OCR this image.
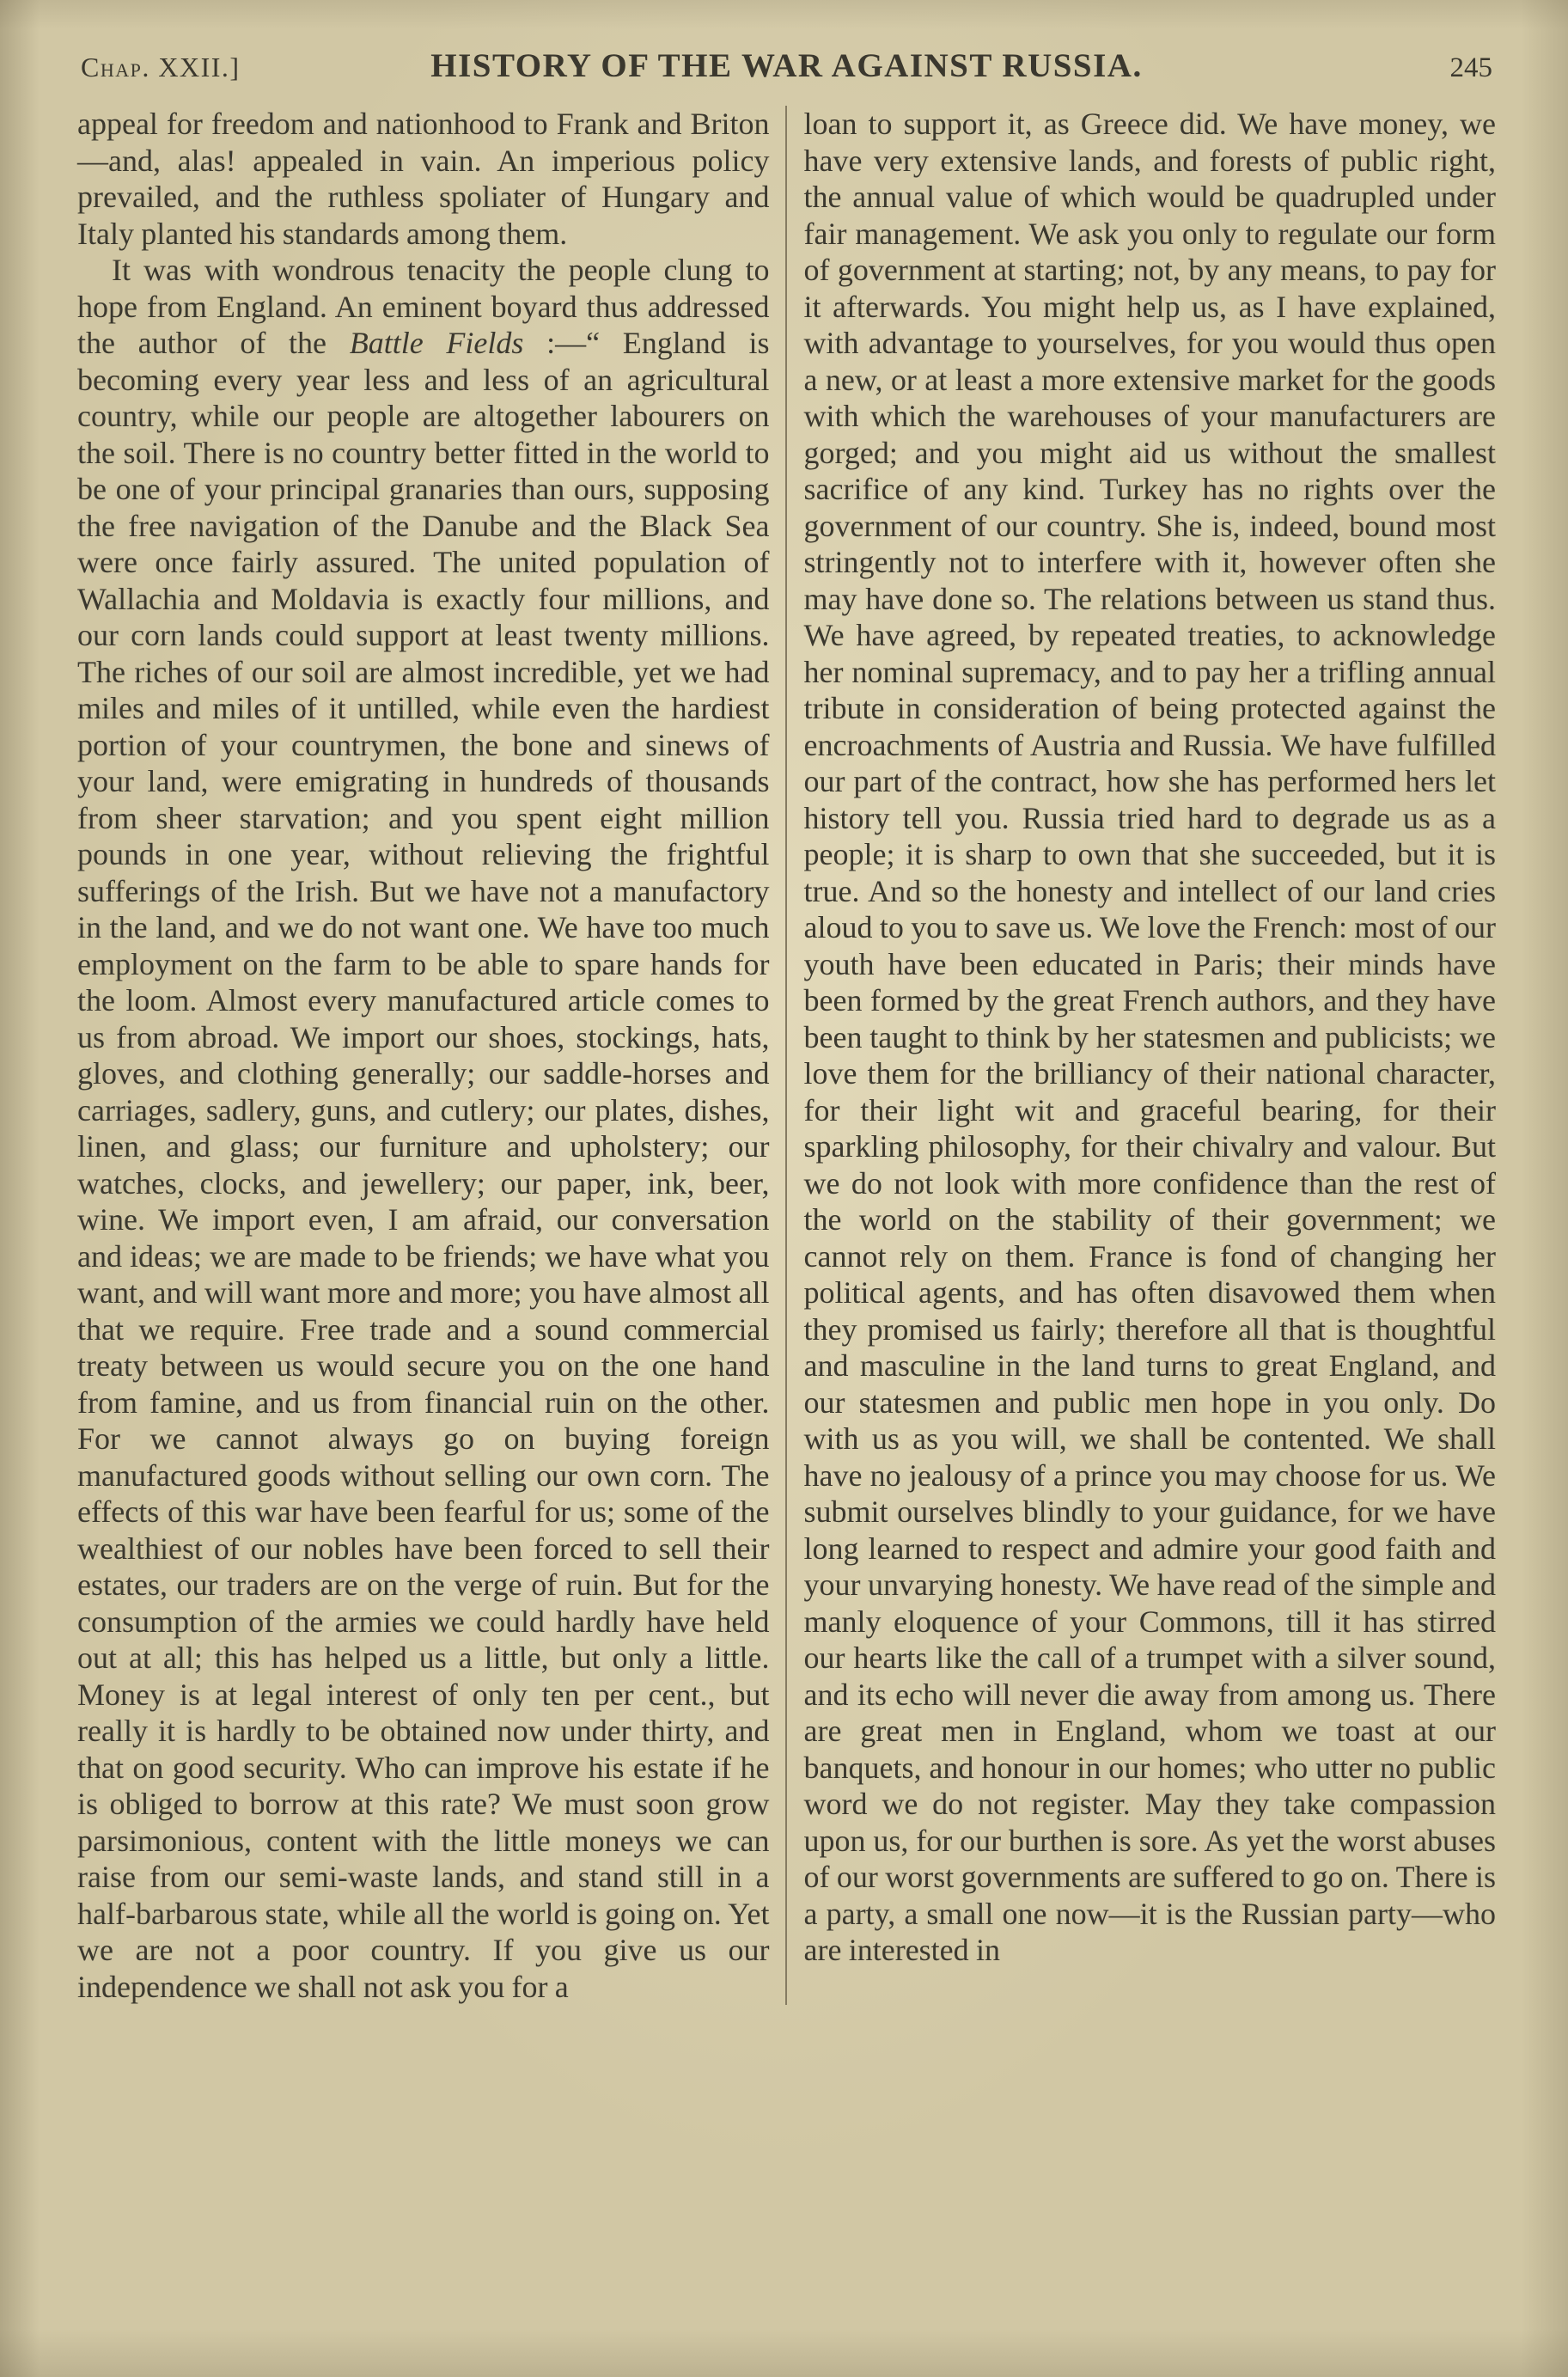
Chap. XXII.]	HISTORY OF THE WAR AGAINST RUSSIA.	245

appeal for freedom and nationhood to Frank and Briton—and, alas! appealed in vain. An imperious policy prevailed, and the ruthless spoliater of Hungary and Italy planted his standards among them.

It was with wondrous tenacity the people clung to hope from England. An eminent boyard thus addressed the author of the Battle Fields :—“ England is becoming every year less and less of an agricultural country, while our people are altogether labourers on the soil. There is no country better fitted in the world to be one of your principal granaries than ours, supposing the free navigation of the Danube and the Black Sea were once fairly assured. The united population of Wallachia and Moldavia is exactly four millions, and our corn lands could support at least twenty millions. The riches of our soil are almost incredible, yet we had miles and miles of it untilled, while even the hardiest portion of your countrymen, the bone and sinews of your land, were emigrating in hundreds of thousands from sheer starvation; and you spent eight million pounds in one year, without relieving the frightful sufferings of the Irish. But we have not a manufactory in the land, and we do not want one. We have too much employment on the farm to be able to spare hands for the loom. Almost every manufactured article comes to us from abroad. We import our shoes, stockings, hats, gloves, and clothing generally; our saddle-horses and carriages, sadlery, guns, and cutlery; our plates, dishes, linen, and glass; our furniture and upholstery; our watches, clocks, and jewellery; our paper, ink, beer, wine. We import even, I am afraid, our conversation and ideas; we are made to be friends; we have what you want, and will want more and more; you have almost all that we require. Free trade and a sound commercial treaty between us would secure you on the one hand from famine, and us from financial ruin on the other. For we cannot always go on buying foreign manufactured goods without selling our own corn. The effects of this war have been fearful for us; some of the wealthiest of our nobles have been forced to sell their estates, our traders are on the verge of ruin. But for the consumption of the armies we could hardly have held out at all; this has helped us a little, but only a little. Money is at legal interest of only ten per cent., but really it is hardly to be obtained now under thirty, and that on good security. Who can improve his estate if he is obliged to borrow at this rate? We must soon grow parsimonious, content with the little moneys we can raise from our semi-waste lands, and stand still in a half-barbarous state, while all the world is going on. Yet we are not a poor country. If you give us our independence we shall not ask you for a

loan to support it, as Greece did. We have money, we have very extensive lands, and forests of public right, the annual value of which would be quadrupled under fair management. We ask you only to regulate our form of government at starting; not, by any means, to pay for it afterwards. You might help us, as I have explained, with advantage to yourselves, for you would thus open a new, or at least a more extensive market for the goods with which the warehouses of your manufacturers are gorged; and you might aid us without the smallest sacrifice of any kind. Turkey has no rights over the government of our country. She is, indeed, bound most stringently not to interfere with it, however often she may have done so. The relations between us stand thus. We have agreed, by repeated treaties, to acknowledge her nominal supremacy, and to pay her a trifling annual tribute in consideration of being protected against the encroachments of Austria and Russia. We have fulfilled our part of the contract, how she has performed hers let history tell you. Russia tried hard to degrade us as a people; it is sharp to own that she succeeded, but it is true. And so the honesty and intellect of our land cries aloud to you to save us. We love the French: most of our youth have been educated in Paris; their minds have been formed by the great French authors, and they have been taught to think by her statesmen and publicists; we love them for the brilliancy of their national character, for their light wit and graceful bearing, for their sparkling philosophy, for their chivalry and valour. But we do not look with more confidence than the rest of the world on the stability of their government; we cannot rely on them. France is fond of changing her political agents, and has often disavowed them when they promised us fairly; therefore all that is thoughtful and masculine in the land turns to great England, and our statesmen and public men hope in you only. Do with us as you will, we shall be contented. We shall have no jealousy of a prince you may choose for us. We submit ourselves blindly to your guidance, for we have long learned to respect and admire your good faith and your unvarying honesty. We have read of the simple and manly eloquence of your Commons, till it has stirred our hearts like the call of a trumpet with a silver sound, and its echo will never die away from among us. There are great men in England, whom we toast at our banquets, and honour in our homes; who utter no public word we do not register. May they take compassion upon us, for our burthen is sore. As yet the worst abuses of our worst governments are suffered to go on. There is a party, a small one now—it is the Russian party—who are interested in
